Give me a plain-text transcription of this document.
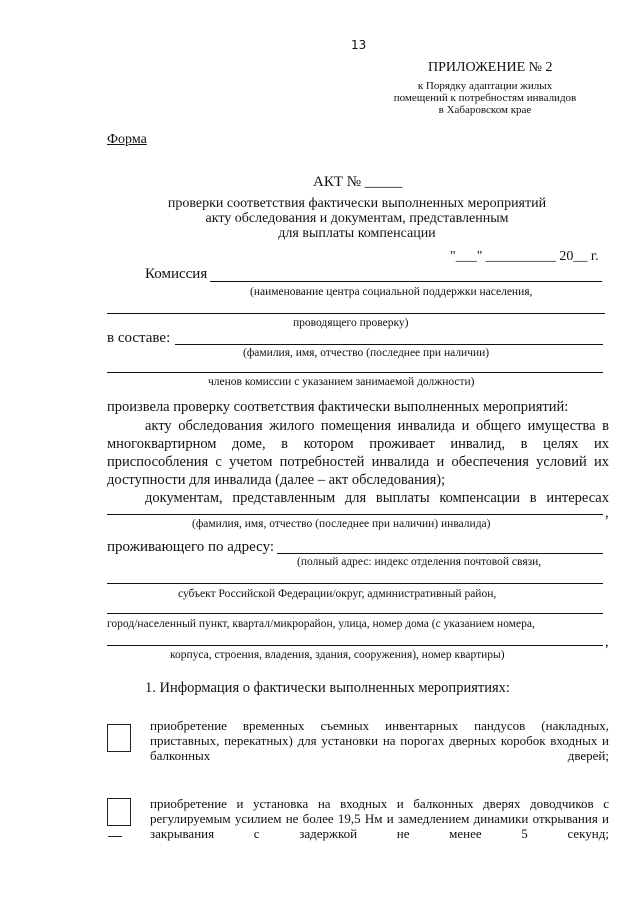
13
ПРИЛОЖЕНИЕ № 2
к Порядку адаптации жилых
помещений к потребностям инвалидов
в Хабаровском крае
Форма
АКТ № _____
проверки соответствия фактически выполненных мероприятий
акту обследования и документам, представленным
для выплаты компенсации
"___" __________ 20__ г.
Комиссия
(наименование центра социальной поддержки населения,
проводящего проверку)
в составе:
(фамилия, имя, отчество (последнее при наличии)
членов комиссии с указанием занимаемой должности)
произвела проверку соответствия фактически выполненных мероприятий:
акту обследования жилого помещения инвалида и общего имущества в
многоквартирном доме, в котором проживает инвалид, в целях их
приспособления с учетом потребностей инвалида и обеспечения условий их
доступности для инвалида (далее – акт обследования);
документам, представленным для выплаты компенсации в интересах
,
(фамилия, имя, отчество (последнее при наличии) инвалида)
проживающего по адресу:
(полный адрес: индекс отделения почтовой связи,
субъект Российской Федерации/округ, административный район,
город/населенный пункт, квартал/микрорайон, улица, номер дома (с указанием номера,
,
корпуса, строения, владения, здания, сооружения), номер квартиры)
1. Информация о фактически выполненных мероприятиях:
приобретение временных съемных инвентарных пандусов (накладных, приставных, перекатных) для установки на порогах дверных коробок входных и балконных дверей;
приобретение и установка на входных и балконных дверях доводчиков с регулируемым усилием не более 19,5 Нм и замедлением динамики открывания и закрывания с задержкой не менее 5 секунд;
